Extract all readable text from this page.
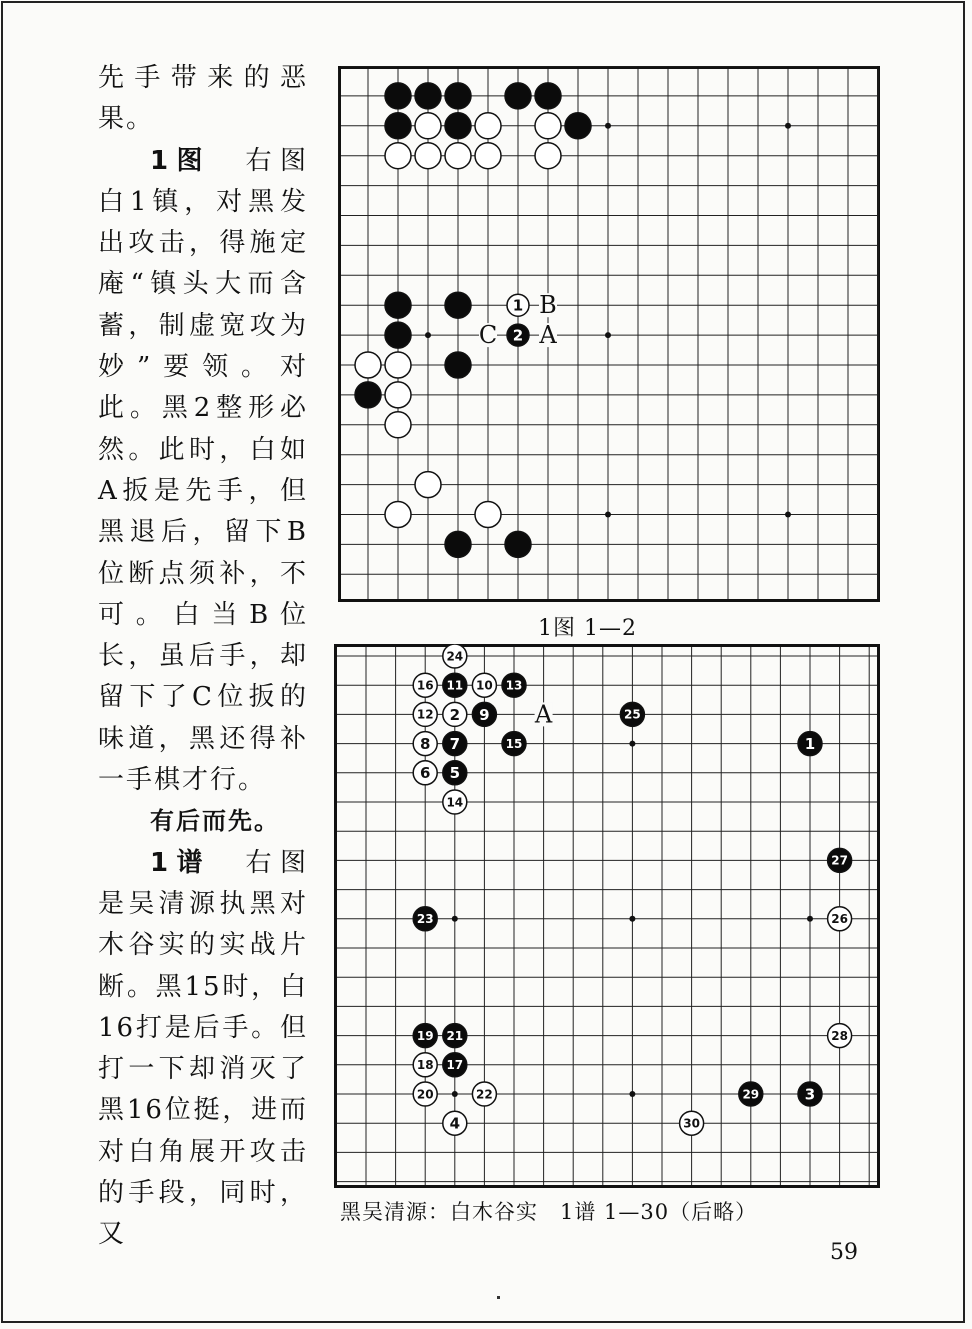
先手带来的恶果。

1图　 右图白1镇，对黑发出攻击，得施定庵“镇头大而含蓄，制虚宽攻为妙”要领。对此。黑2整形必然。此时，白如A扳是先手，但黑退后，留下B位断点须补，不可。白当B位长，虽后手，却留下了C位扳的味道，黑还得补一手棋才行。

有后而先。

1谱　 右图是吴清源执黑对木谷实的实战片断。黑15时，白16打是后手。但打一下却消灭了黑16位挺，进而对白角展开攻击的手段，同时，又

B
A
C
1
2
1图 1—2
A
24
16 11 10 13
12 2 9	25
8 7	15	1
6 5
14
27
23	26
19 21	28
18 17
20	22	29	3
4	30
黑吴清源：白木谷实　1谱 1—30（后略）
59
